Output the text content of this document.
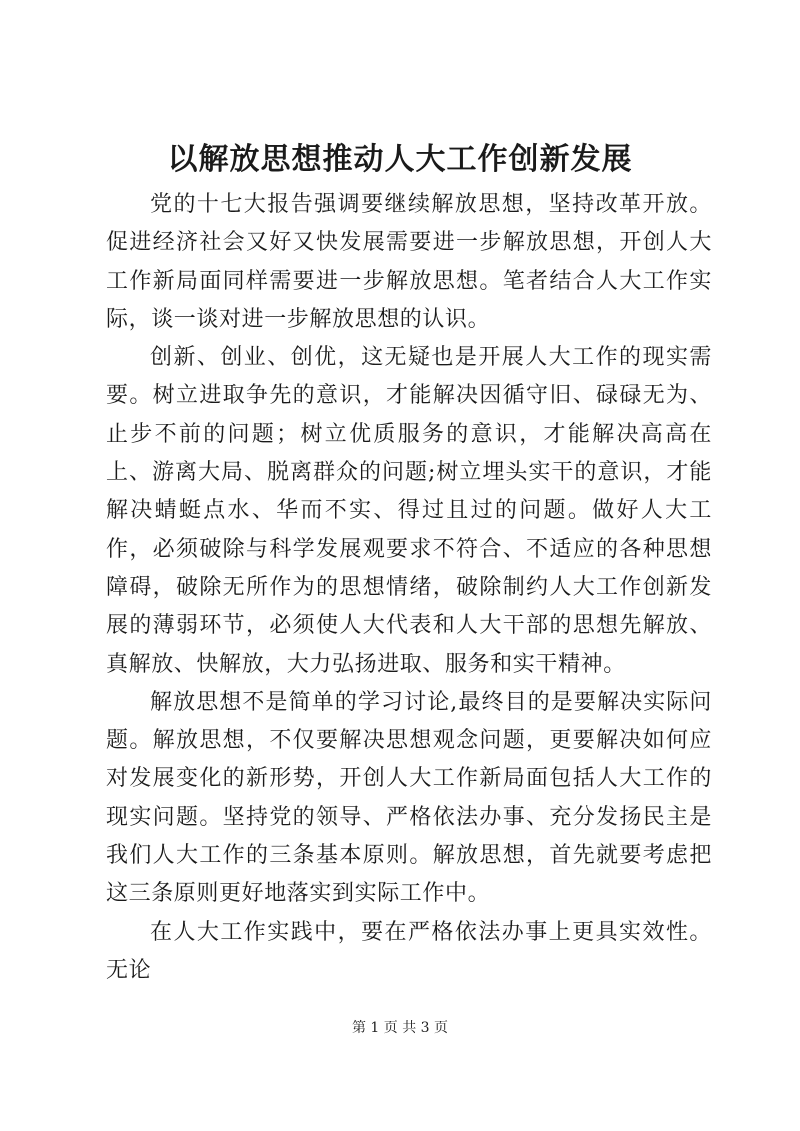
以解放思想推动人大工作创新发展

党的十七大报告强调要继续解放思想，坚持改革开放。促进经济社会又好又快发展需要进一步解放思想，开创人大工作新局面同样需要进一步解放思想。笔者结合人大工作实际，谈一谈对进一步解放思想的认识。

创新、创业、创优，这无疑也是开展人大工作的现实需要。树立进取争先的意识，才能解决因循守旧、碌碌无为、止步不前的问题；树立优质服务的意识，才能解决高高在上、游离大局、脱离群众的问题;树立埋头实干的意识，才能解决蜻蜓点水、华而不实、得过且过的问题。做好人大工作，必须破除与科学发展观要求不符合、不适应的各种思想障碍，破除无所作为的思想情绪，破除制约人大工作创新发展的薄弱环节，必须使人大代表和人大干部的思想先解放、真解放、快解放，大力弘扬进取、服务和实干精神。

解放思想不是简单的学习讨论,最终目的是要解决实际问题。解放思想，不仅要解决思想观念问题，更要解决如何应对发展变化的新形势，开创人大工作新局面包括人大工作的现实问题。坚持党的领导、严格依法办事、充分发扬民主是我们人大工作的三条基本原则。解放思想，首先就要考虑把这三条原则更好地落实到实际工作中。

在人大工作实践中，要在严格依法办事上更具实效性。无论

第 1 页 共 3 页
